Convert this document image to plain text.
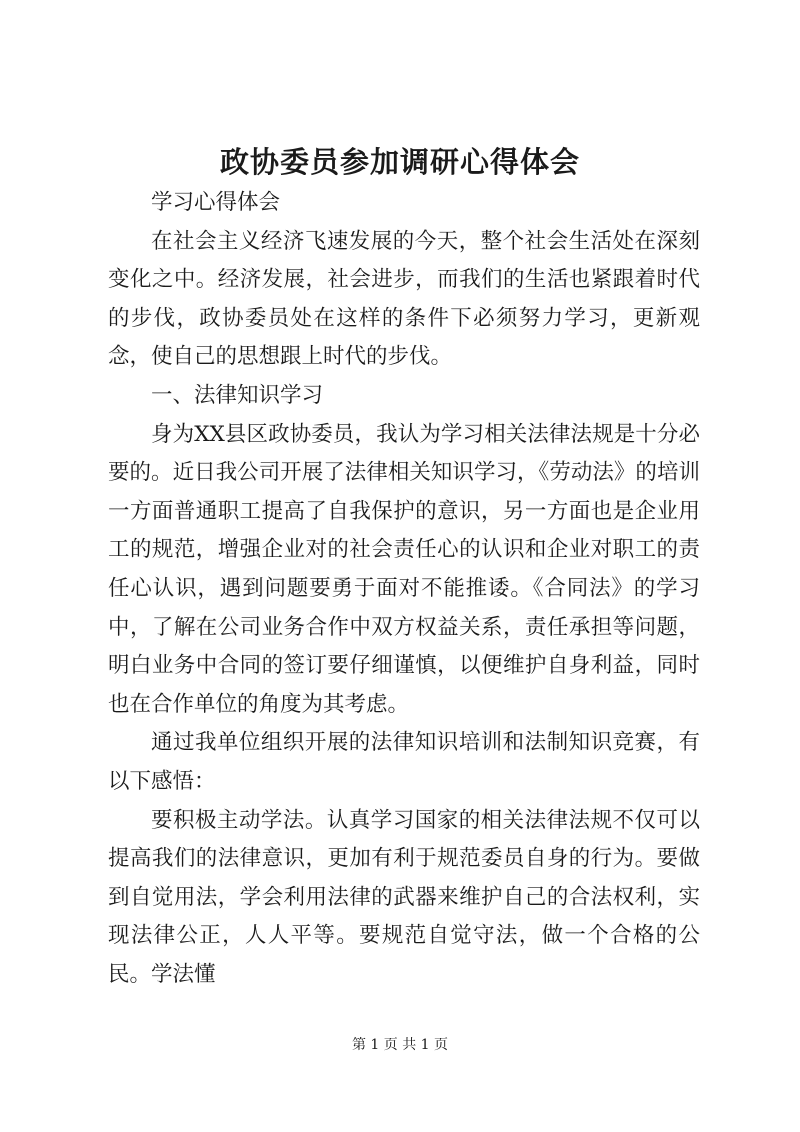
政协委员参加调研心得体会

学习心得体会

在社会主义经济飞速发展的今天，整个社会生活处在深刻变化之中。经济发展，社会进步，而我们的生活也紧跟着时代的步伐，政协委员处在这样的条件下必须努力学习，更新观念，使自己的思想跟上时代的步伐。

一、法律知识学习

身为XX县区政协委员，我认为学习相关法律法规是十分必要的。近日我公司开展了法律相关知识学习，《劳动法》的培训一方面普通职工提高了自我保护的意识，另一方面也是企业用工的规范，增强企业对的社会责任心的认识和企业对职工的责任心认识，遇到问题要勇于面对不能推诿。《合同法》的学习中，了解在公司业务合作中双方权益关系，责任承担等问题，明白业务中合同的签订要仔细谨慎，以便维护自身利益，同时也在合作单位的角度为其考虑。

通过我单位组织开展的法律知识培训和法制知识竞赛，有以下感悟：

要积极主动学法。认真学习国家的相关法律法规不仅可以提高我们的法律意识，更加有利于规范委员自身的行为。要做到自觉用法，学会利用法律的武器来维护自己的合法权利，实现法律公正，人人平等。要规范自觉守法，做一个合格的公民。学法懂

第 1 页 共 1 页
